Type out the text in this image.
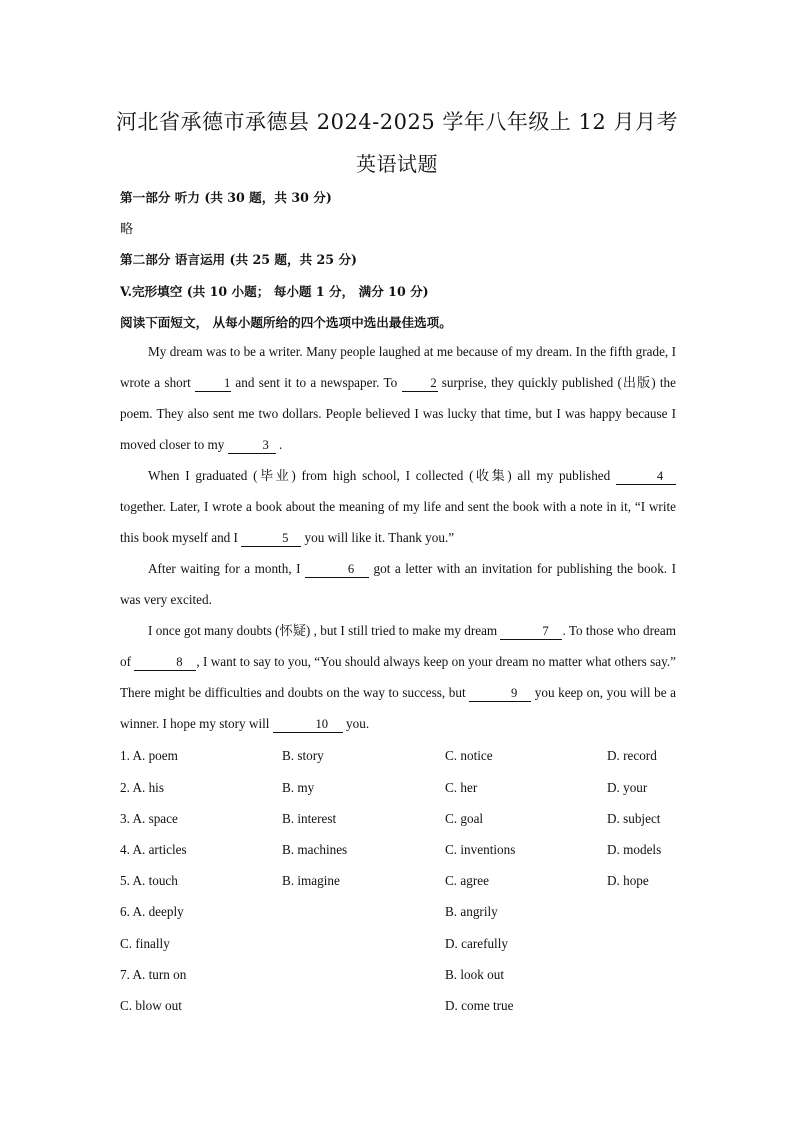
河北省承德市承德县 2024-2025 学年八年级上 12 月月考
英语试题
第一部分 听力 (共 30 题，共 30 分)
略
第二部分 语言运用 (共 25 题，共 25 分)
V.完形填空 (共 10 小题； 每小题 1 分， 满分 10 分)
阅读下面短文， 从每小题所给的四个选项中选出最佳选项。

My dream was to be a writer. Many people laughed at me because of my dream. In the fifth grade, I wrote a short 1 and sent it to a newspaper. To 2 surprise, they quickly published (出版) the poem. They also sent me two dollars. People believed I was lucky that time, but I was happy because I moved closer to my	3 .

When I graduated (毕业) from high school, I collected (收集) all my published	4 together. Later, I wrote a book about the meaning of my life and sent the book with a note in it, “I write this book myself and I	5 you will like it. Thank you.”

After waiting for a month, I	6 got a letter with an invitation for publishing the book. I was very excited.

I once got many doubts (怀疑) , but I still tried to make my dream	7 . To those who dream of	8 , I want to say to you, “You should always keep on your dream no matter what others say.” There might be difficulties and doubts on the way to success, but	9 you keep on, you will be a winner. I hope my story will	10 you.

1. A. poem	B. story	C. notice	D. record
2. A. his	B. my	C. her	D. your
3. A. space	B. interest	C. goal	D. subject
4. A. articles	B. machines	C. inventions	D. models
5. A. touch	B. imagine	C. agree	D. hope
6. A. deeply	B. angrily
C. finally	D. carefully
7. A. turn on	B. look out
C. blow out	D. come true
